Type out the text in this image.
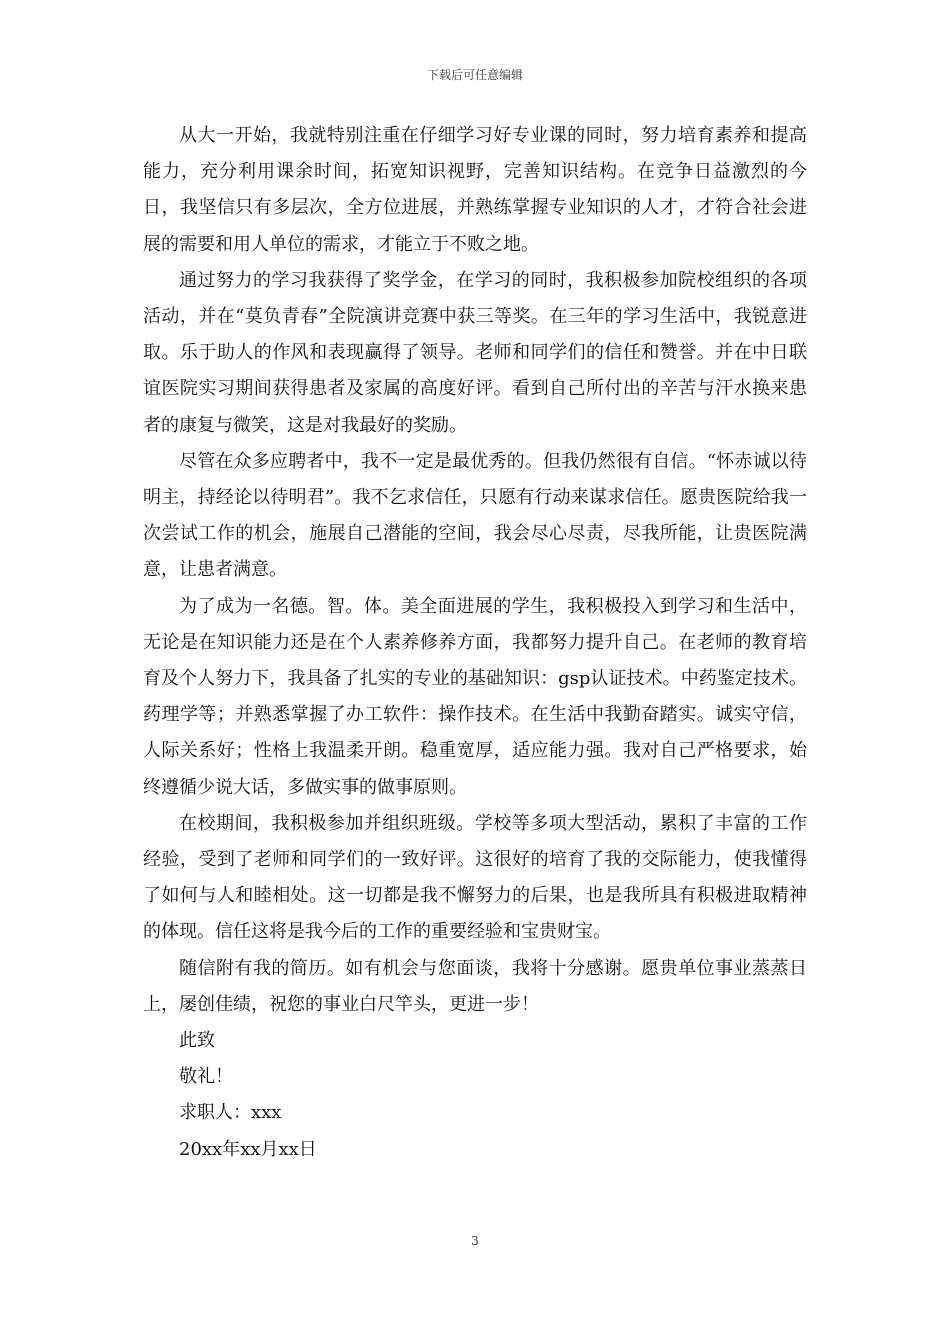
下载后可任意编辑

从大一开始，我就特别注重在仔细学习好专业课的同时，努力培育素养和提高能力，充分利用课余时间，拓宽知识视野，完善知识结构。在竞争日益激烈的今日，我坚信只有多层次，全方位进展，并熟练掌握专业知识的人才，才符合社会进展的需要和用人单位的需求，才能立于不败之地。

通过努力的学习我获得了奖学金，在学习的同时，我积极参加院校组织的各项活动，并在“莫负青春”全院演讲竞赛中获三等奖。在三年的学习生活中，我锐意进取。乐于助人的作风和表现赢得了领导。老师和同学们的信任和赞誉。并在中日联谊医院实习期间获得患者及家属的高度好评。看到自己所付出的辛苦与汗水换来患者的康复与微笑，这是对我最好的奖励。

尽管在众多应聘者中，我不一定是最优秀的。但我仍然很有自信。“怀赤诚以待明主，持经论以待明君”。我不乞求信任，只愿有行动来谋求信任。愿贵医院给我一次尝试工作的机会，施展自己潜能的空间，我会尽心尽责，尽我所能，让贵医院满意，让患者满意。

为了成为一名德。智。体。美全面进展的学生，我积极投入到学习和生活中，无论是在知识能力还是在个人素养修养方面，我都努力提升自己。在老师的教育培育及个人努力下，我具备了扎实的专业的基础知识：gsp认证技术。中药鉴定技术。药理学等；并熟悉掌握了办工软件：操作技术。在生活中我勤奋踏实。诚实守信，人际关系好；性格上我温柔开朗。稳重宽厚，适应能力强。我对自己严格要求，始终遵循少说大话，多做实事的做事原则。

在校期间，我积极参加并组织班级。学校等多项大型活动，累积了丰富的工作经验，受到了老师和同学们的一致好评。这很好的培育了我的交际能力，使我懂得了如何与人和睦相处。这一切都是我不懈努力的后果，也是我所具有积极进取精神的体现。信任这将是我今后的工作的重要经验和宝贵财宝。

随信附有我的简历。如有机会与您面谈，我将十分感谢。愿贵单位事业蒸蒸日上，屡创佳绩，祝您的事业白尺竿头，更进一步！

此致

敬礼！

求职人：xxx

20xx年xx月xx日

3
